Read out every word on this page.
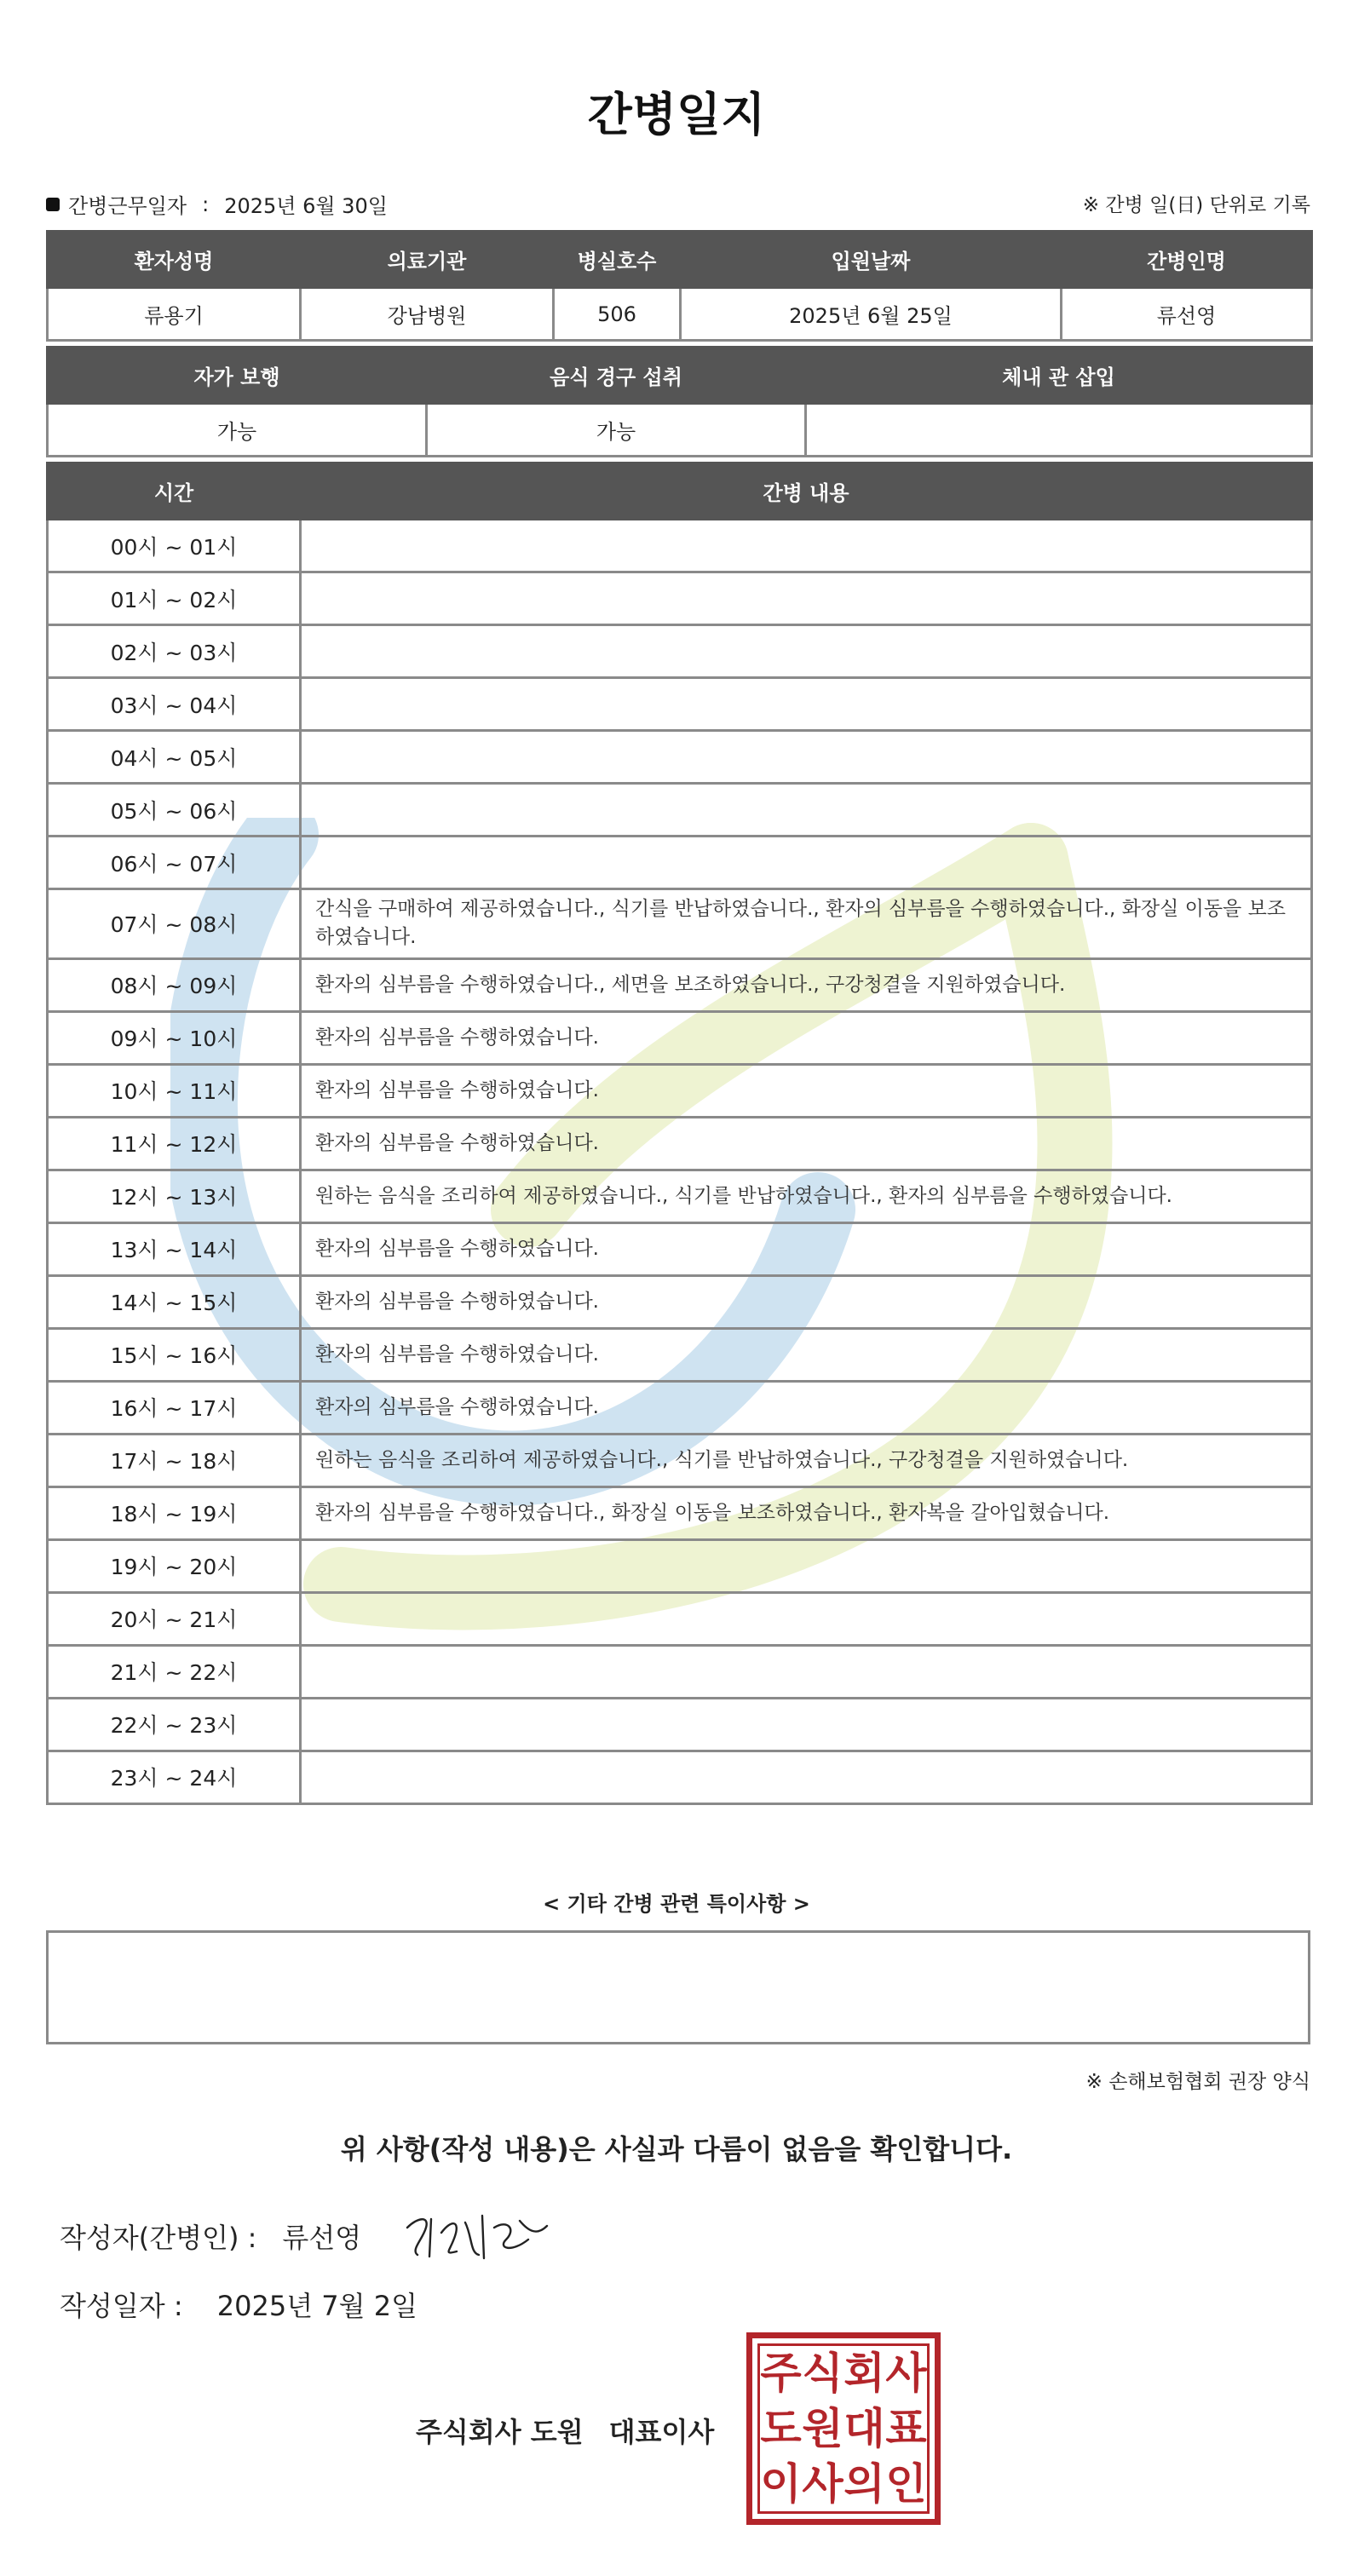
간병일지
간병근무일자 : 2025년 6월 30일	※ 간병 일(日) 단위로 기록
환자성명	의료기관	병실호수	입원날짜	간병인명
류용기	강남병원	506	2025년 6월 25일	류선영
자가 보행	음식 경구 섭취	체내 관 삽입
가능	가능	
시간	간병 내용
00시 ~ 01시	
01시 ~ 02시	
02시 ~ 03시	
03시 ~ 04시	
04시 ~ 05시	
05시 ~ 06시	
06시 ~ 07시	
07시 ~ 08시	간식을 구매하여 제공하였습니다., 식기를 반납하였습니다., 환자의 심부름을 수행하였습니다., 화장실 이동을 보조하였습니다.
08시 ~ 09시	환자의 심부름을 수행하였습니다., 세면을 보조하였습니다., 구강청결을 지원하였습니다.
09시 ~ 10시	환자의 심부름을 수행하였습니다.
10시 ~ 11시	환자의 심부름을 수행하였습니다.
11시 ~ 12시	환자의 심부름을 수행하였습니다.
12시 ~ 13시	원하는 음식을 조리하여 제공하였습니다., 식기를 반납하였습니다., 환자의 심부름을 수행하였습니다.
13시 ~ 14시	환자의 심부름을 수행하였습니다.
14시 ~ 15시	환자의 심부름을 수행하였습니다.
15시 ~ 16시	환자의 심부름을 수행하였습니다.
16시 ~ 17시	환자의 심부름을 수행하였습니다.
17시 ~ 18시	원하는 음식을 조리하여 제공하였습니다., 식기를 반납하였습니다., 구강청결을 지원하였습니다.
18시 ~ 19시	환자의 심부름을 수행하였습니다., 화장실 이동을 보조하였습니다., 환자복을 갈아입혔습니다.
19시 ~ 20시	
20시 ~ 21시	
21시 ~ 22시	
22시 ~ 23시	
23시 ~ 24시	
< 기타 간병 관련 특이사항 >
※ 손해보험협회 권장 양식
위 사항(작성 내용)은 사실과 다름이 없음을 확인합니다.
작성자(간병인) : 류선영
작성일자 : 2025년 7월 2일
주식회사 도원 대표이사
주 식 회 사
도 원 대 표
이 사 의 인
